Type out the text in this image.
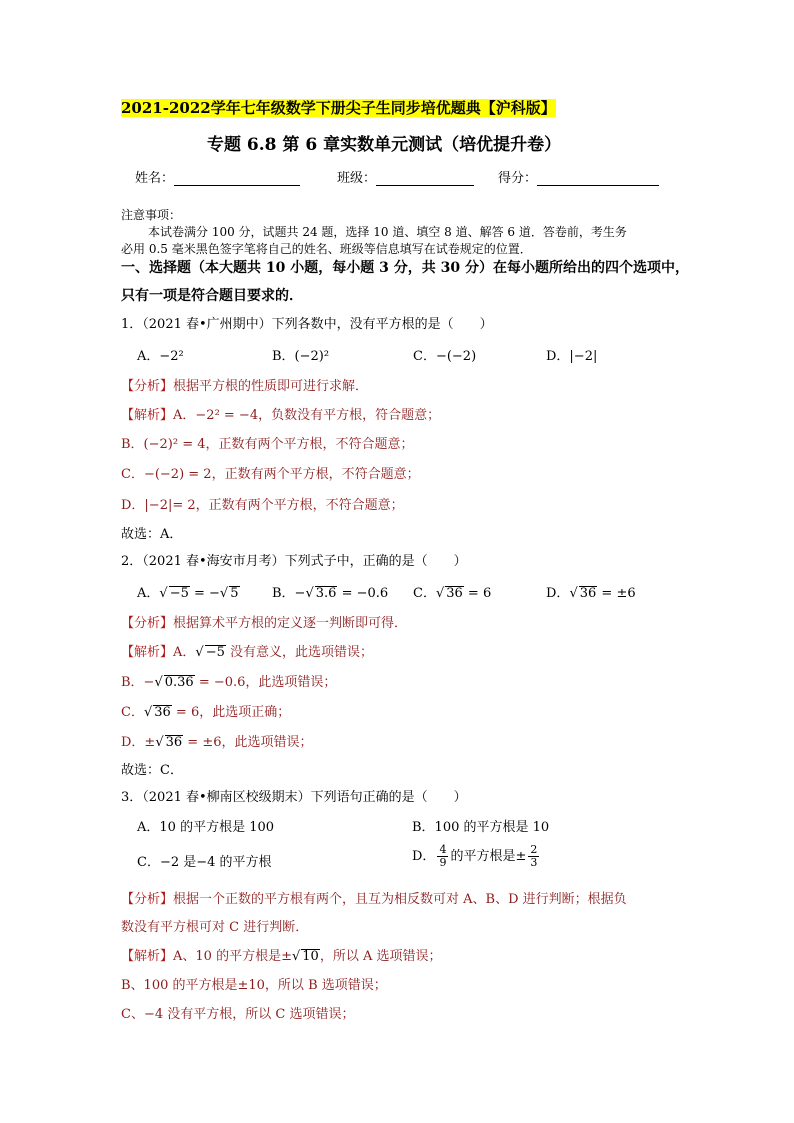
2021-2022学年七年级数学下册尖子生同步培优题典【沪科版】
专题 6.8 第 6 章实数单元测试（培优提升卷）
姓名：	班级：	得分：
注意事项：
本试卷满分 100 分，试题共 24 题，选择 10 道、填空 8 道、解答 6 道．答卷前，考生务
必用 0.5 毫米黑色签字笔将自己的姓名、班级等信息填写在试卷规定的位置．
一、选择题（本大题共 10 小题，每小题 3 分，共 30 分）在每小题所给出的四个选项中，
只有一项是符合题目要求的．
1．（2021 春•广州期中）下列各数中，没有平方根的是（　　）
A．−2²	B．(−2)²	C．−(−2)	D．|−2|
【分析】根据平方根的性质即可进行求解．
【解析】A．−2² = −4，负数没有平方根，符合题意；
B．(−2)² = 4，正数有两个平方根，不符合题意；
C．−(−2) = 2，正数有两个平方根，不符合题意；
D．|−2|= 2，正数有两个平方根，不符合题意；
故选：A．
2．（2021 春•海安市月考）下列式子中，正确的是（　　）
A．√ −5 = −√ 5	B．−√ 3.6 = −0.6 C．√ 36 = 6	D．√ 36 = ±6
【分析】根据算术平方根的定义逐一判断即可得．
【解析】A．√ −5 没有意义，此选项错误；
B．−√ 0.36 = −0.6，此选项错误；
C．√ 36 = 6，此选项正确；
D．±√ 36 = ±6，此选项错误；
故选：C．
3．（2021 春•柳南区校级期末）下列语句正确的是（　　）
A．10 的平方根是 100	B．100 的平方根是 10
C．−2 是−4 的平方根	D． $\frac{4}{9}$ 的平方根是± $\frac{2}{3}$
【分析】根据一个正数的平方根有两个，且互为相反数可对 A、B、D 进行判断；根据负
数没有平方根可对 C 进行判断．
【解析】A、10 的平方根是±√ 10，所以 A 选项错误；
B、100 的平方根是±10，所以 B 选项错误；
C、−4 没有平方根，所以 C 选项错误；
